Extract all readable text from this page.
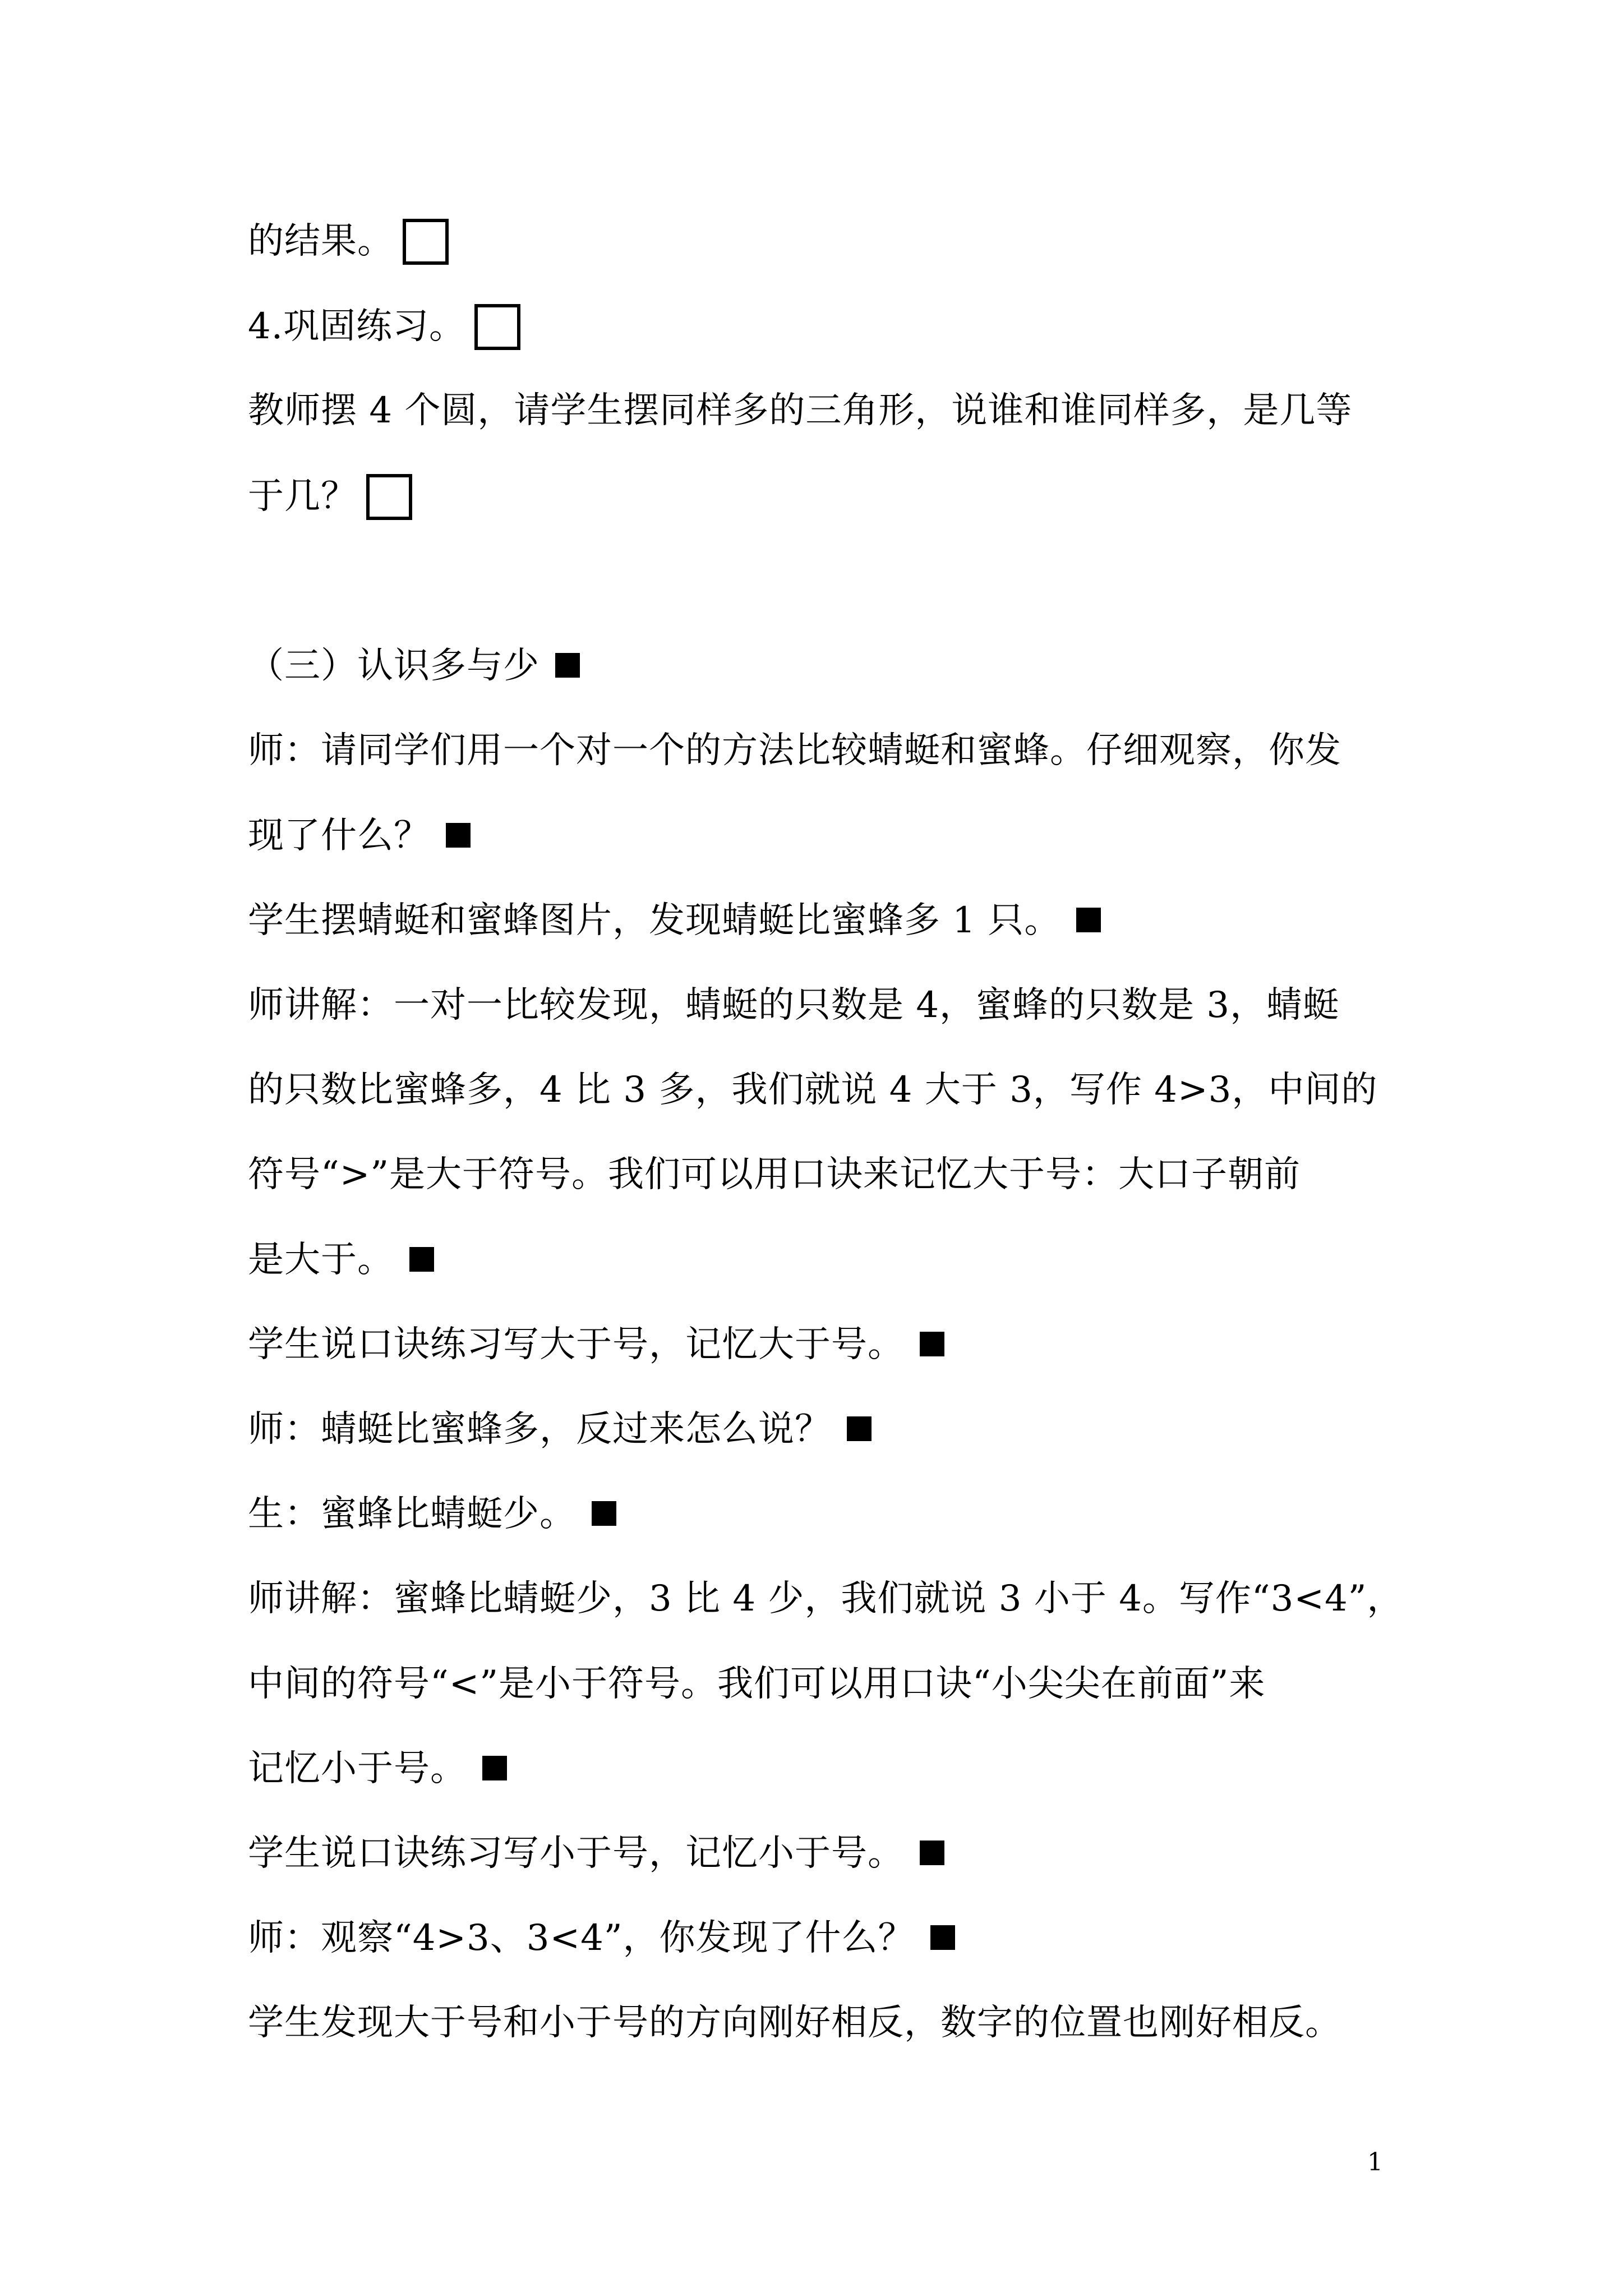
的结果。
4.巩固练习。
教师摆 4 个圆，请学生摆同样多的三角形，说谁和谁同样多，是几等
于几？
（三）认识多与少
师：请同学们用一个对一个的方法比较蜻蜓和蜜蜂。仔细观察，你发
现了什么？
学生摆蜻蜓和蜜蜂图片，发现蜻蜓比蜜蜂多 1 只。
师讲解：一对一比较发现，蜻蜓的只数是 4，蜜蜂的只数是 3，蜻蜓
的只数比蜜蜂多，4 比 3 多，我们就说 4 大于 3，写作 4>3，中间的
符号“>”是大于符号。我们可以用口诀来记忆大于号：大口子朝前
是大于。
学生说口诀练习写大于号，记忆大于号。
师：蜻蜓比蜜蜂多，反过来怎么说？
生：蜜蜂比蜻蜓少。
师讲解：蜜蜂比蜻蜓少，3 比 4 少，我们就说 3 小于 4。写作“3<4”，
中间的符号“<”是小于符号。我们可以用口诀“小尖尖在前面”来
记忆小于号。
学生说口诀练习写小于号，记忆小于号。
师：观察“4>3、3<4”，你发现了什么？
学生发现大于号和小于号的方向刚好相反，数字的位置也刚好相反。
1
